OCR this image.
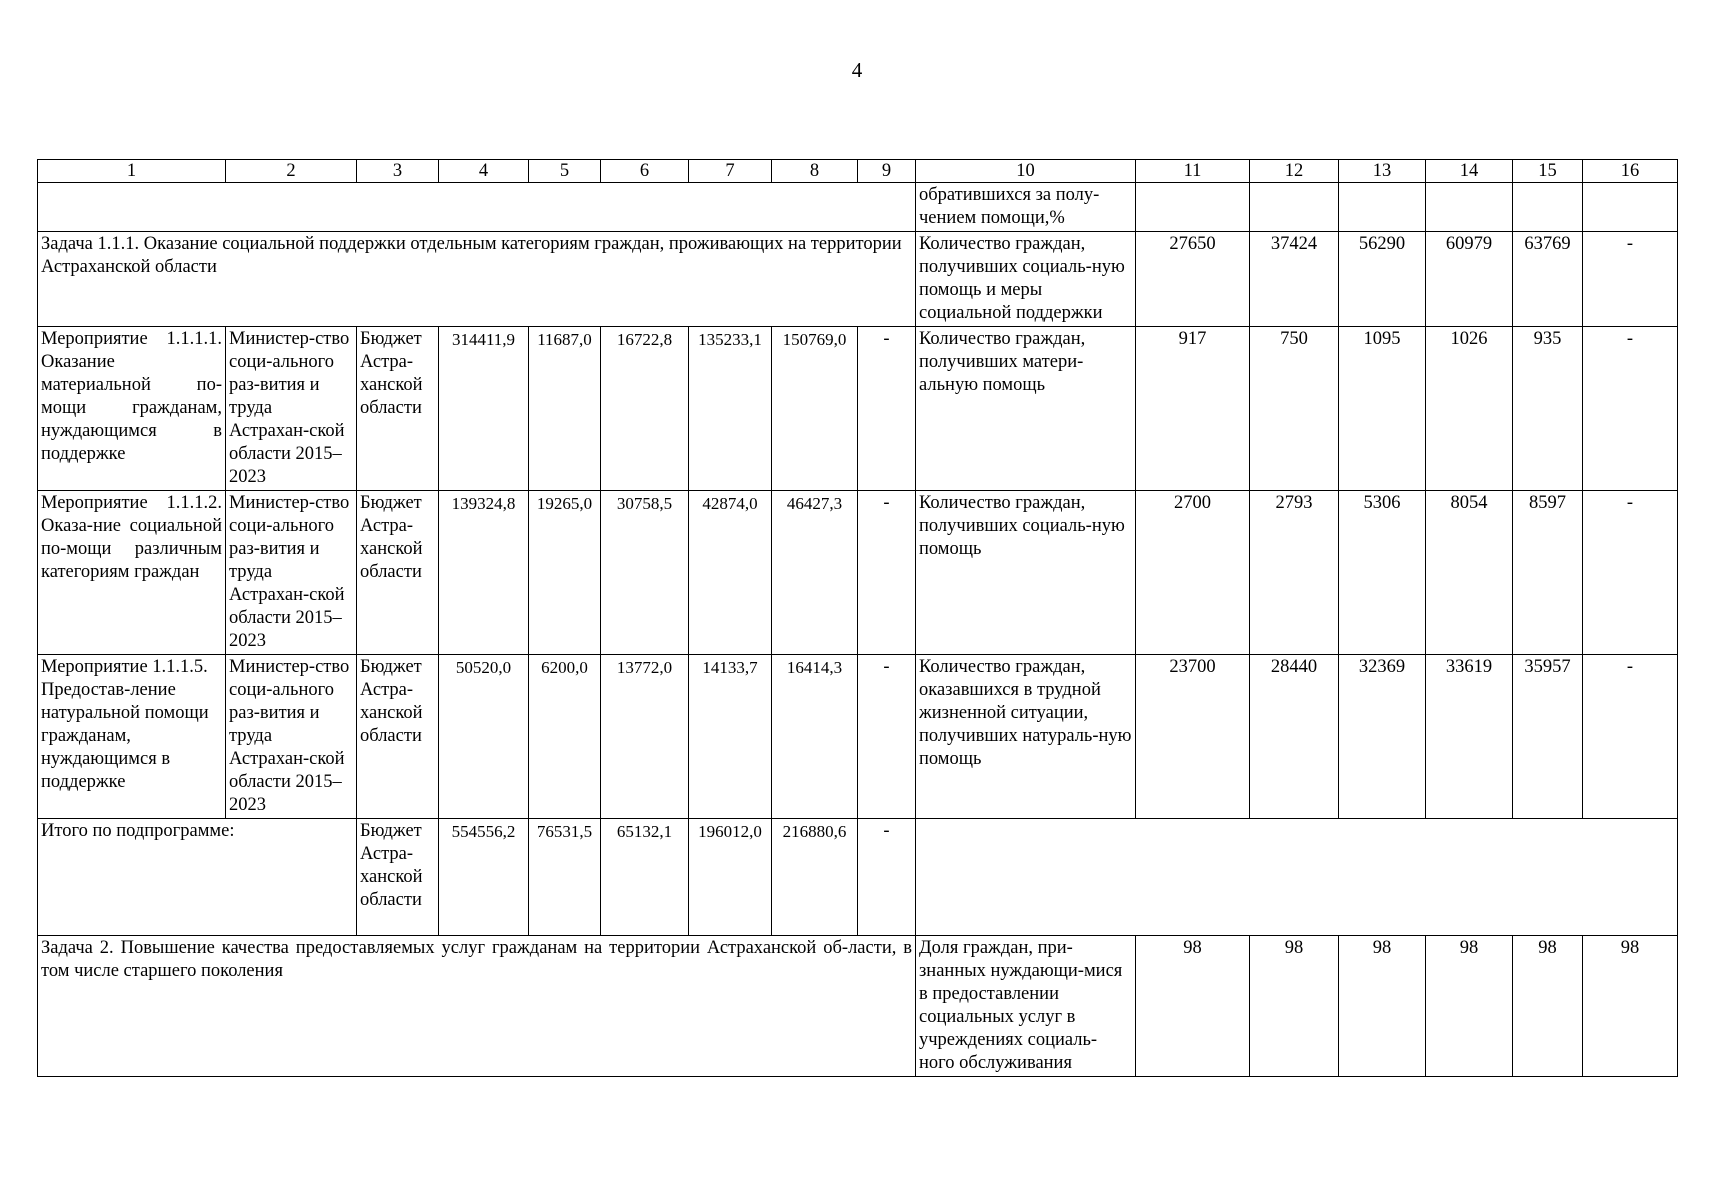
4
1	2	3	4	5	6	7	8	9	10	11	12	13	14	15	16
									обратившихся за полу-чением помощи,%						
Задача 1.1.1. Оказание социальной поддержки отдельным категориям граждан, проживающих на территории Астраханской области									Количество граждан, получивших социаль-ную помощь и меры социальной поддержки	27650	37424	56290	60979	63769	-
Мероприятие 1.1.1.1. Оказание материальной по-мощи гражданам, нуждающимся в поддержке	Министер-ство соци-ального раз-вития и труда Астрахан-ской области 2015–2023	Бюджет Астра-ханской области	314411,9	11687,0	16722,8	135233,1	150769,0	-	Количество граждан, получивших матери-альную помощь	917	750	1095	1026	935	-
Мероприятие 1.1.1.2. Оказа-ние социальной по-мощи различным категориям граждан	Министер-ство соци-ального раз-вития и труда Астрахан-ской области 2015–2023	Бюджет Астра-ханской области	139324,8	19265,0	30758,5	42874,0	46427,3	-	Количество граждан, получивших социаль-ную помощь	2700	2793	5306	8054	8597	-
Мероприятие 1.1.1.5. Предостав-ление натуральной помощи гражданам, нуждающимся в поддержке	Министер-ство соци-ального раз-вития и труда Астрахан-ской области 2015–2023	Бюджет Астра-ханской области	50520,0	6200,0	13772,0	14133,7	16414,3	-	Количество граждан, оказавшихся в трудной жизненной ситуации, получивших натураль-ную помощь	23700	28440	32369	33619	35957	-
Итого по подпрограмме:		Бюджет Астра-ханской области	554556,2	76531,5	65132,1	196012,0	216880,6	-							
Задача 2. Повышение качества предоставляемых услуг гражданам на территории Астраханской об-ласти, в том числе старшего поколения									Доля граждан, при-знанных нуждающи-мися в предоставлении социальных услуг в учреждениях социаль-ного обслуживания	98	98	98	98	98	98
